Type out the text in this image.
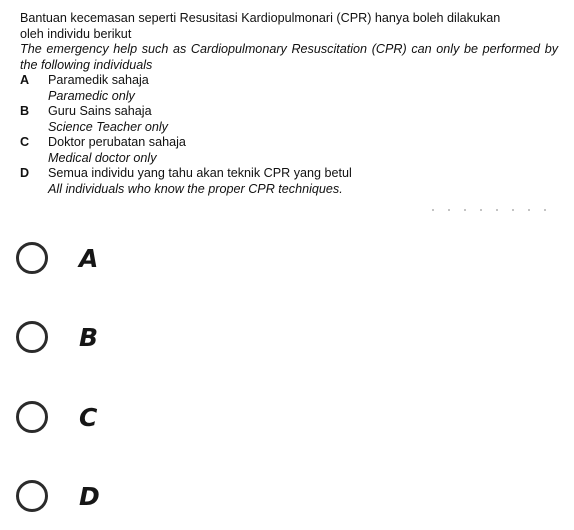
Bantuan kecemasan seperti Resusitasi Kardiopulmonari (CPR) hanya boleh dilakukan

oleh individu berikut

The emergency help such as Cardiopulmonary Resuscitation (CPR) can only be performed by the following individuals

A	Paramedik sahaja

Paramedic only

B	Guru Sains sahaja

Science Teacher only

C	Doktor perubatan sahaja

Medical doctor only

D	Semua individu yang tahu akan teknik CPR yang betul

All individuals who know the proper CPR techniques.

A
B
C
D
